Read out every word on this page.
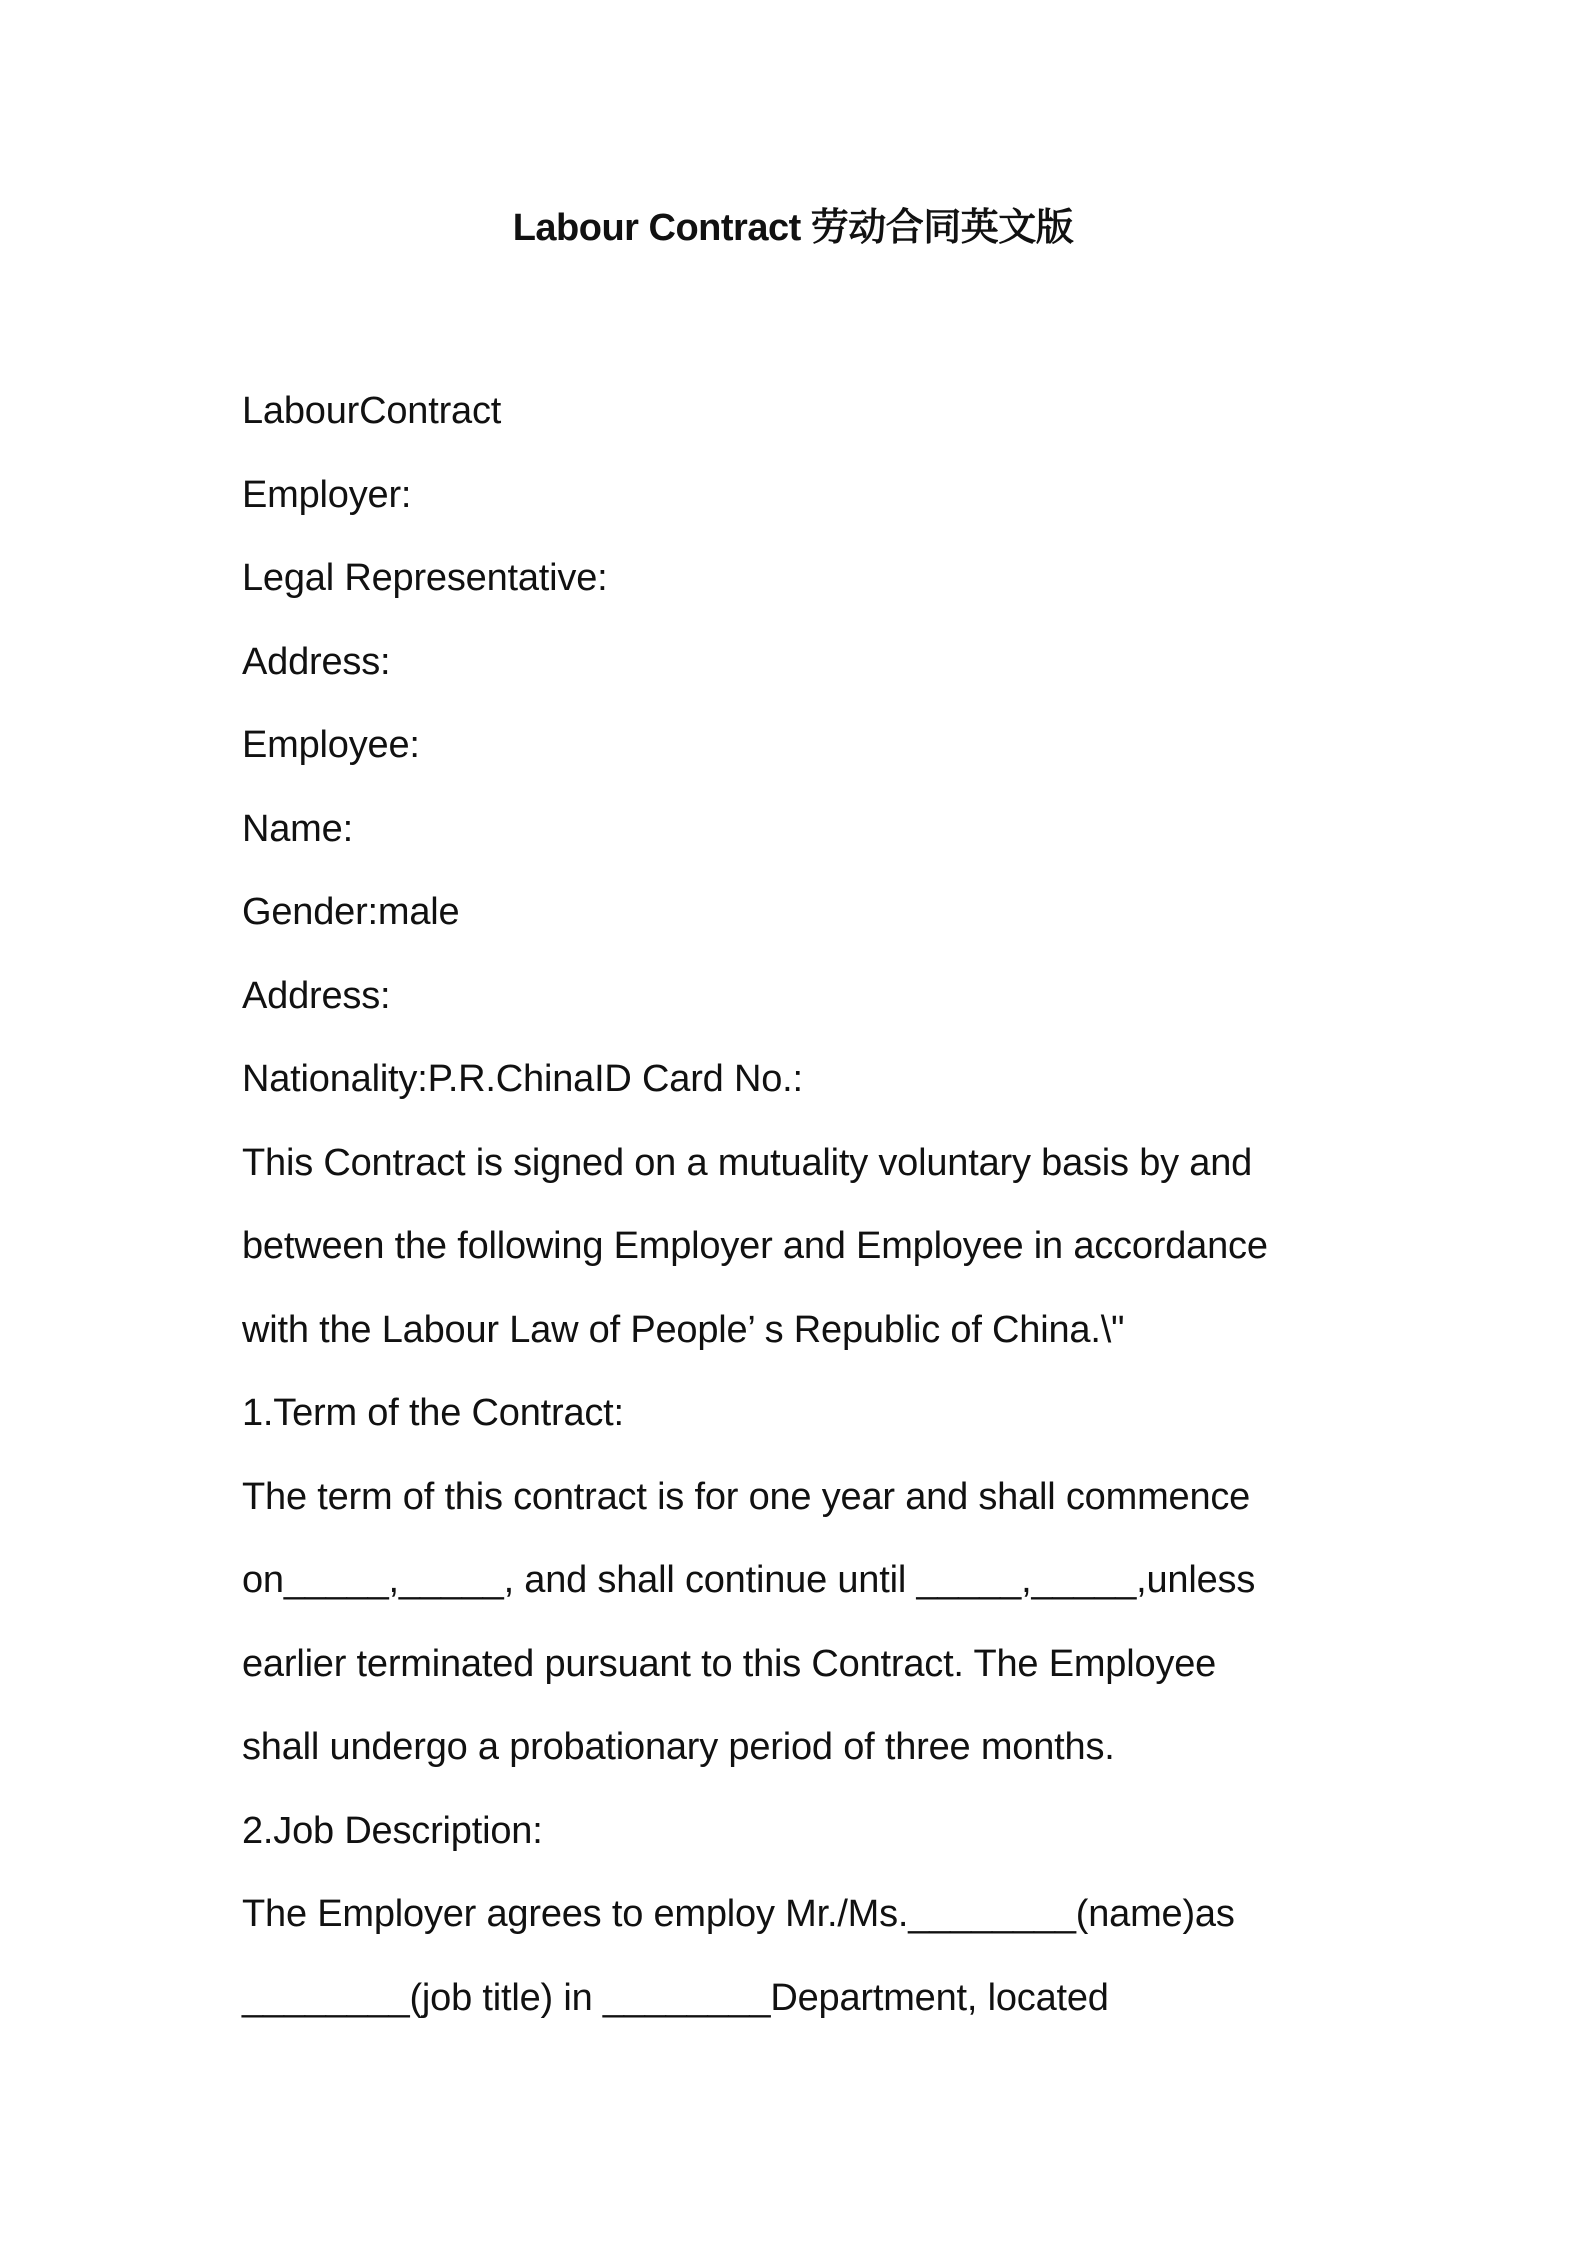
Labour Contract 劳动合同英文版
LabourContract
Employer:
Legal Representative:
Address:
Employee:
Name:
Gender:male
Address:
Nationality:P.R.ChinaID Card No.:
This Contract is signed on a mutuality voluntary basis by and
between the following Employer and Employee in accordance
with the Labour Law of People’ s Republic of China.\"
1.Term of the Contract:
The term of this contract is for one year and shall commence
on_____,_____, and shall continue until _____,_____,unless
earlier terminated pursuant to this Contract. The Employee
shall undergo a probationary period of three months.
2.Job Description:
The Employer agrees to employ Mr./Ms.________(name)as
________(job title) in ________Department, located
